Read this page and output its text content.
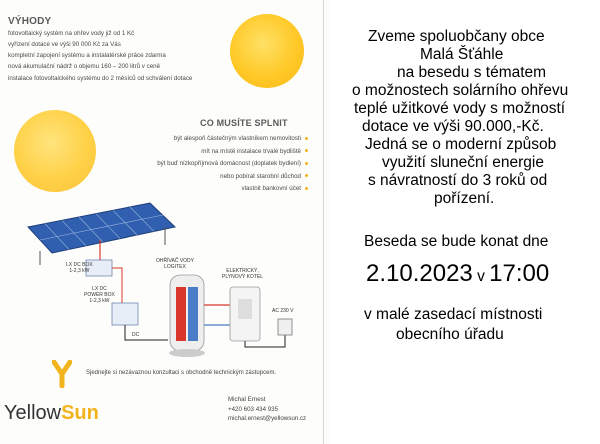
VÝHODY
fotovoltaický systém na ohřev vody již od 1 Kč
vyřízení dotace ve výši 90 000 Kč za Vás
kompletní zapojení systému a instalatérské práce zdarma
nová akumulační nádrž o objemu 160 – 200 litrů v ceně
instalace fotovoltaického systému do 2 měsíců od schválení dotace
CO MUSÍTE SPLNIT
být alespoň částečným vlastníkem nemovitosti
mít na místě instalace trvalé bydliště
být buď nízkopříjmová domácnost (doplatek bydlení)
nebo pobírat starobní důchod
vlastnit bankovní účet
LX DC BOX
1-2,3 kW
LX DC
POWER BOX
1-2,3 kW
OHŘÍVAČ VODY
LOGITEX
ELEKTRICKÝ,
PLYNOVÝ KOTEL
AC 230 V
DC
Sjednejte si nezávaznou konzultaci s obchodně technickým zástupcem.
YellowSun
Michal Ernest
+420 603 434 935
michal.ernest@yellowsun.cz
Zveme spoluobčany obce
Malá Šťáhle
na besedu s tématem
o možnostech solárního ohřevu
teplé užitkové vody s možností
dotace ve výši 90.000,-Kč.
Jedná se o moderní způsob
využití sluneční energie
s návratností do 3 roků od
pořízení.
Beseda se bude konat dne
2.10.2023 v 17:00
v malé zasedací místnosti
obecního úřadu
